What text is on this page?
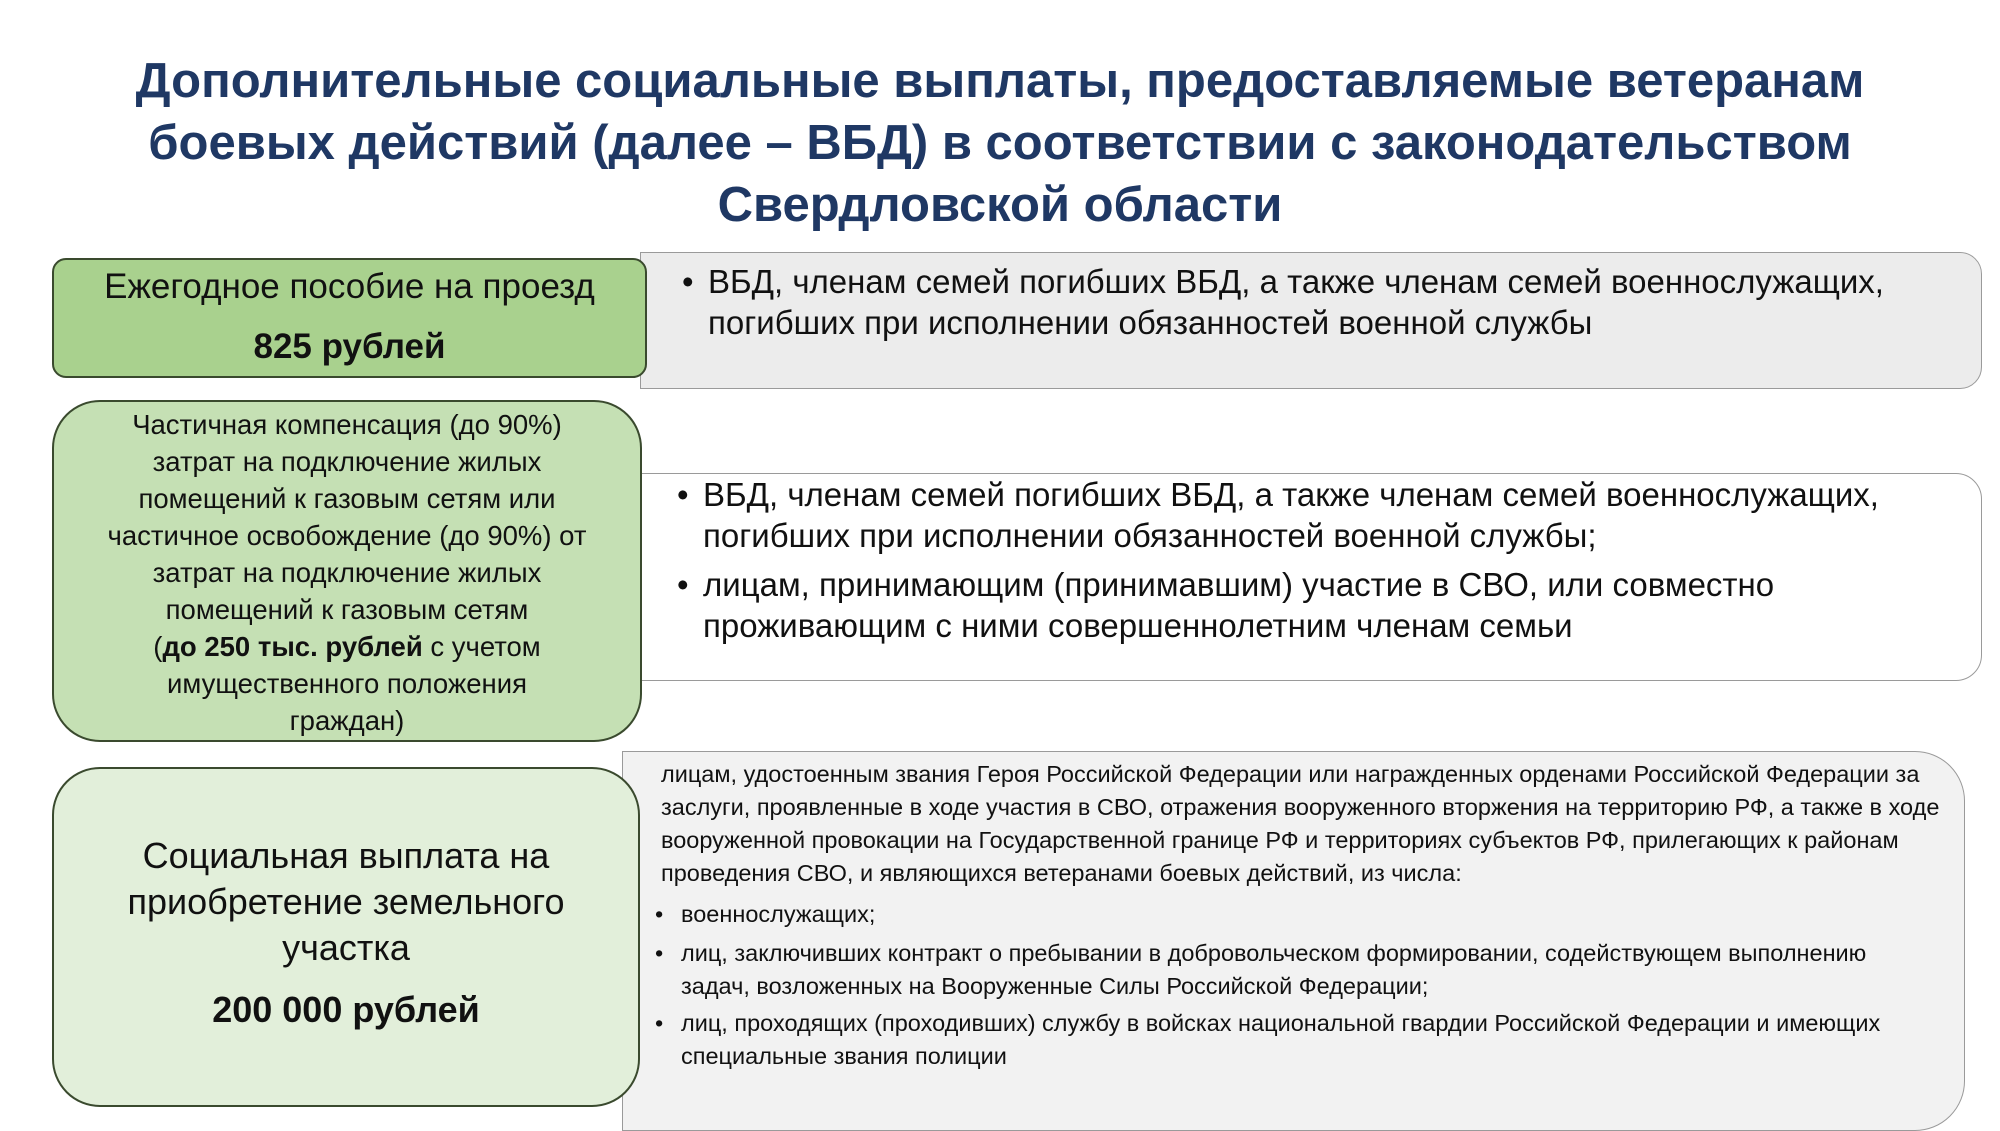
Дополнительные социальные выплаты, предоставляемые ветеранам боевых действий (далее – ВБД) в соответствии с законодательством Свердловской области
• ВБД, членам семей погибших ВБД, а также членам семей военнослужащих, погибших при исполнении обязанностей военной службы
Ежегодное пособие на проезд
825 рублей
• ВБД, членам семей погибших ВБД, а также членам семей военнослужащих, погибших при исполнении обязанностей военной службы;
• лицам, принимающим (принимавшим) участие в СВО, или совместно проживающим с ними совершеннолетним членам семьи
Частичная компенсация (до 90%) затрат на подключение жилых помещений к газовым сетям или частичное освобождение (до 90%) от затрат на подключение жилых помещений к газовым сетям
(до 250 тыс. рублей с учетом имущественного положения граждан)
лицам, удостоенным звания Героя Российской Федерации или награжденных орденами Российской Федерации за заслуги, проявленные в ходе участия в СВО, отражения вооруженного вторжения на территорию РФ, а также в ходе вооруженной провокации на Государственной границе РФ и территориях субъектов РФ, прилегающих к районам проведения СВО, и являющихся ветеранами боевых действий, из числа:
• военнослужащих;
• лиц, заключивших контракт о пребывании в добровольческом формировании, содействующем выполнению задач, возложенных на Вооруженные Силы Российской Федерации;
• лиц, проходящих (проходивших) службу в войсках национальной гвардии Российской Федерации и имеющих специальные звания полиции
Социальная выплата на приобретение земельного участка
200 000 рублей
